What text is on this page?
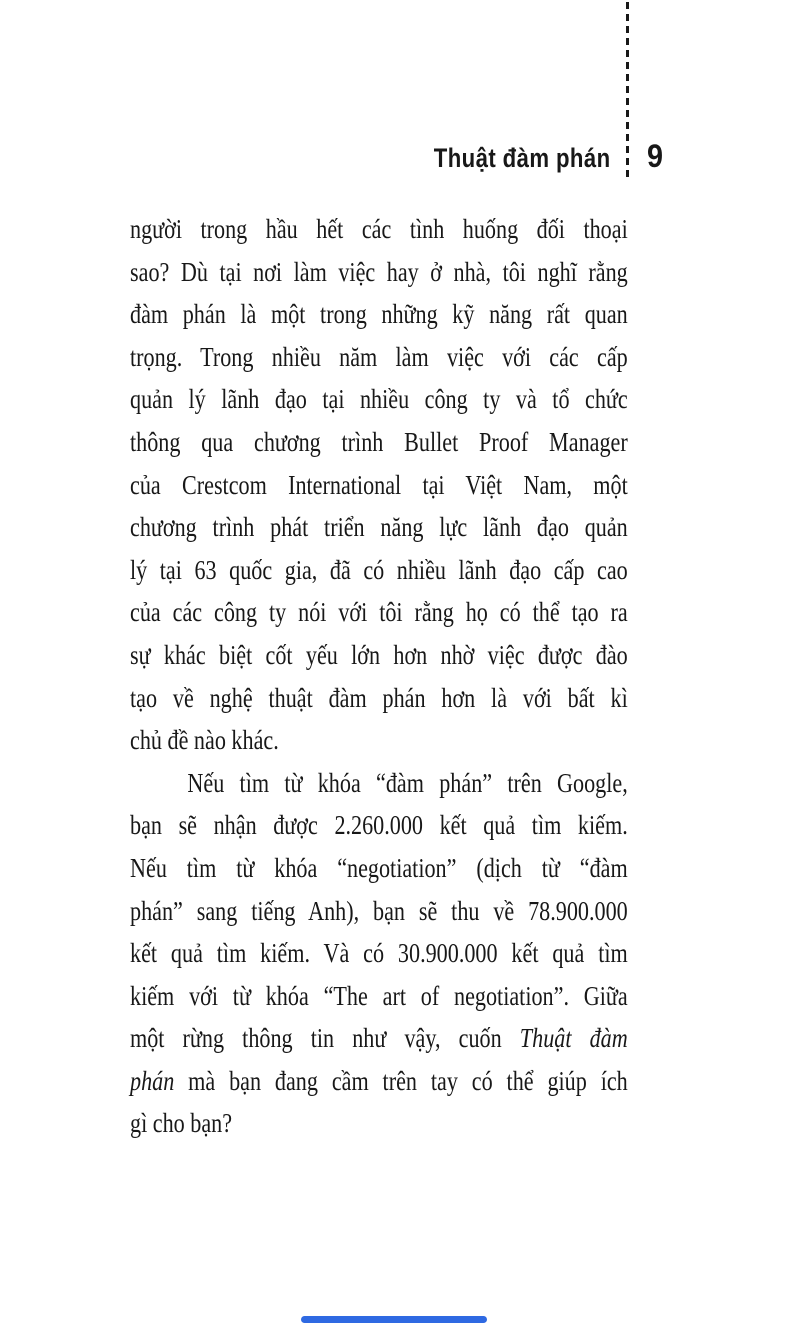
Thuật đàm phán 9
người trong hầu hết các tình huống đối thoại
sao? Dù tại nơi làm việc hay ở nhà, tôi nghĩ rằng
đàm phán là một trong những kỹ năng rất quan
trọng. Trong nhiều năm làm việc với các cấp
quản lý lãnh đạo tại nhiều công ty và tổ chức
thông qua chương trình Bullet Proof Manager
của Crestcom International tại Việt Nam, một
chương trình phát triển năng lực lãnh đạo quản
lý tại 63 quốc gia, đã có nhiều lãnh đạo cấp cao
của các công ty nói với tôi rằng họ có thể tạo ra
sự khác biệt cốt yếu lớn hơn nhờ việc được đào
tạo về nghệ thuật đàm phán hơn là với bất kì
chủ đề nào khác.
Nếu tìm từ khóa “đàm phán” trên Google,
bạn sẽ nhận được 2.260.000 kết quả tìm kiếm.
Nếu tìm từ khóa “negotiation” (dịch từ “đàm
phán” sang tiếng Anh), bạn sẽ thu về 78.900.000
kết quả tìm kiếm. Và có 30.900.000 kết quả tìm
kiếm với từ khóa “The art of negotiation”. Giữa
một rừng thông tin như vậy, cuốn Thuật đàm
phán mà bạn đang cầm trên tay có thể giúp ích
gì cho bạn?
